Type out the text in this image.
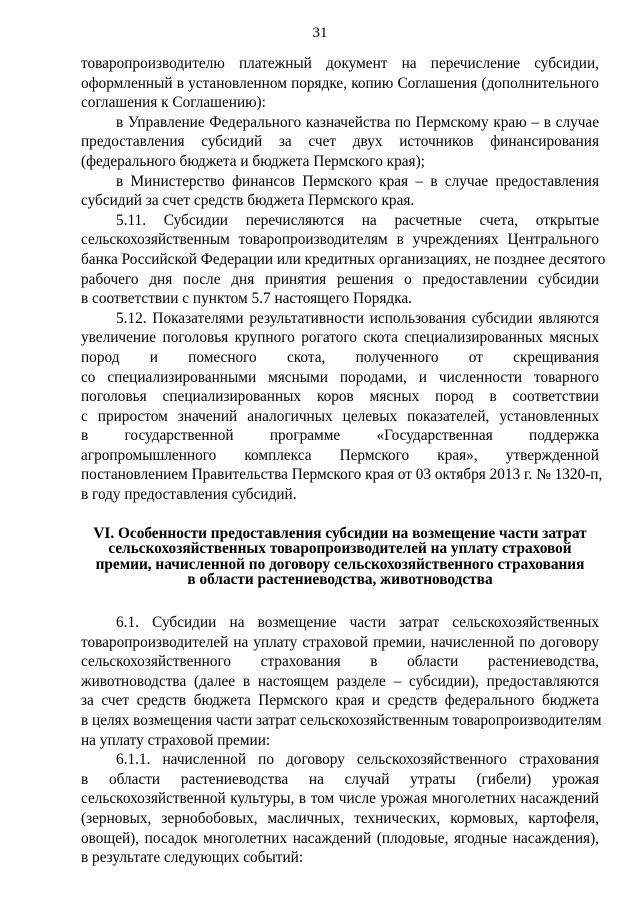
31
товаропроизводителю платежный документ на перечисление субсидии,
оформленный в установленном порядке, копию Соглашения (дополнительного
соглашения к Соглашению):
в Управление Федерального казначейства по Пермскому краю – в случае
предоставления субсидий за счет двух источников финансирования
(федерального бюджета и бюджета Пермского края);
в Министерство финансов Пермского края – в случае предоставления
субсидий за счет средств бюджета Пермского края.
5.11. Субсидии перечисляются на расчетные счета, открытые
сельскохозяйственным товаропроизводителям в учреждениях Центрального
банка Российской Федерации или кредитных организациях, не позднее десятого
рабочего дня после дня принятия решения о предоставлении субсидии
в соответствии с пунктом 5.7 настоящего Порядка.
5.12. Показателями результативности использования субсидии являются
увеличение поголовья крупного рогатого скота специализированных мясных
пород и помесного скота, полученного от скрещивания
со специализированными мясными породами, и численности товарного
поголовья специализированных коров мясных пород в соответствии
с приростом значений аналогичных целевых показателей, установленных
в государственной программе «Государственная поддержка
агропромышленного комплекса Пермского края», утвержденной
постановлением Правительства Пермского края от 03 октября 2013 г. № 1320-п,
в году предоставления субсидий.
VI. Особенности предоставления субсидии на возмещение части затрат
сельскохозяйственных товаропроизводителей на уплату страховой
премии, начисленной по договору сельскохозяйственного страхования
в области растениеводства, животноводства
6.1. Субсидии на возмещение части затрат сельскохозяйственных
товаропроизводителей на уплату страховой премии, начисленной по договору
сельскохозяйственного страхования в области растениеводства,
животноводства (далее в настоящем разделе – субсидии), предоставляются
за счет средств бюджета Пермского края и средств федерального бюджета
в целях возмещения части затрат сельскохозяйственным товаропроизводителям
на уплату страховой премии:
6.1.1. начисленной по договору сельскохозяйственного страхования
в области растениеводства на случай утраты (гибели) урожая
сельскохозяйственной культуры, в том числе урожая многолетних насаждений
(зерновых, зернобобовых, масличных, технических, кормовых, картофеля,
овощей), посадок многолетних насаждений (плодовые, ягодные насаждения),
в результате следующих событий:
